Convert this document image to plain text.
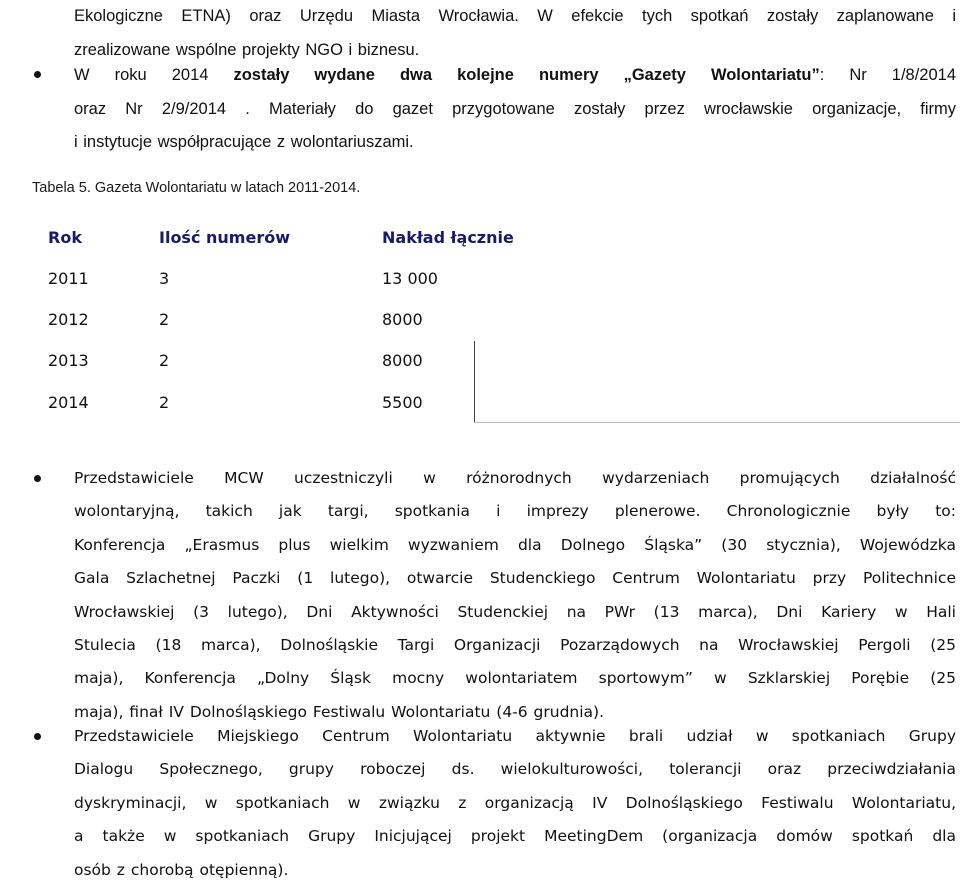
Ekologiczne ETNA) oraz Urzędu Miasta Wrocławia. W efekcie tych spotkań zostały zaplanowane i
zrealizowane wspólne projekty NGO i biznesu.
W roku 2014 zostały wydane dwa kolejne numery „Gazety Wolontariatu”: Nr 1/8/2014
oraz Nr 2/9/2014 . Materiały do gazet przygotowane zostały przez wrocławskie organizacje, firmy
i instytucje współpracujące z wolontariuszami.
Tabela 5. Gazeta Wolontariatu w latach 2011-2014.
Rok	Ilość numerów	Nakład łącznie
2011	3	13 000
2012	2	8000
2013	2	8000
2014	2	5500
Przedstawiciele MCW uczestniczyli w różnorodnych wydarzeniach promujących działalność
wolontaryjną, takich jak targi, spotkania i imprezy plenerowe. Chronologicznie były to:
Konferencja „Erasmus plus wielkim wyzwaniem dla Dolnego Śląska” (30 stycznia), Wojewódzka
Gala Szlachetnej Paczki (1 lutego), otwarcie Studenckiego Centrum Wolontariatu przy Politechnice
Wrocławskiej (3 lutego), Dni Aktywności Studenckiej na PWr (13 marca), Dni Kariery w Hali
Stulecia (18 marca), Dolnośląskie Targi Organizacji Pozarządowych na Wrocławskiej Pergoli (25
maja), Konferencja „Dolny Śląsk mocny wolontariatem sportowym” w Szklarskiej Porębie (25
maja), finał IV Dolnośląskiego Festiwalu Wolontariatu (4-6 grudnia).
Przedstawiciele Miejskiego Centrum Wolontariatu aktywnie brali udział w spotkaniach Grupy
Dialogu Społecznego, grupy roboczej ds. wielokulturowości, tolerancji oraz przeciwdziałania
dyskryminacji, w spotkaniach w związku z organizacją IV Dolnośląskiego Festiwalu Wolontariatu,
a także w spotkaniach Grupy Inicjującej projekt MeetingDem (organizacja domów spotkań dla
osób z chorobą otępienną).
